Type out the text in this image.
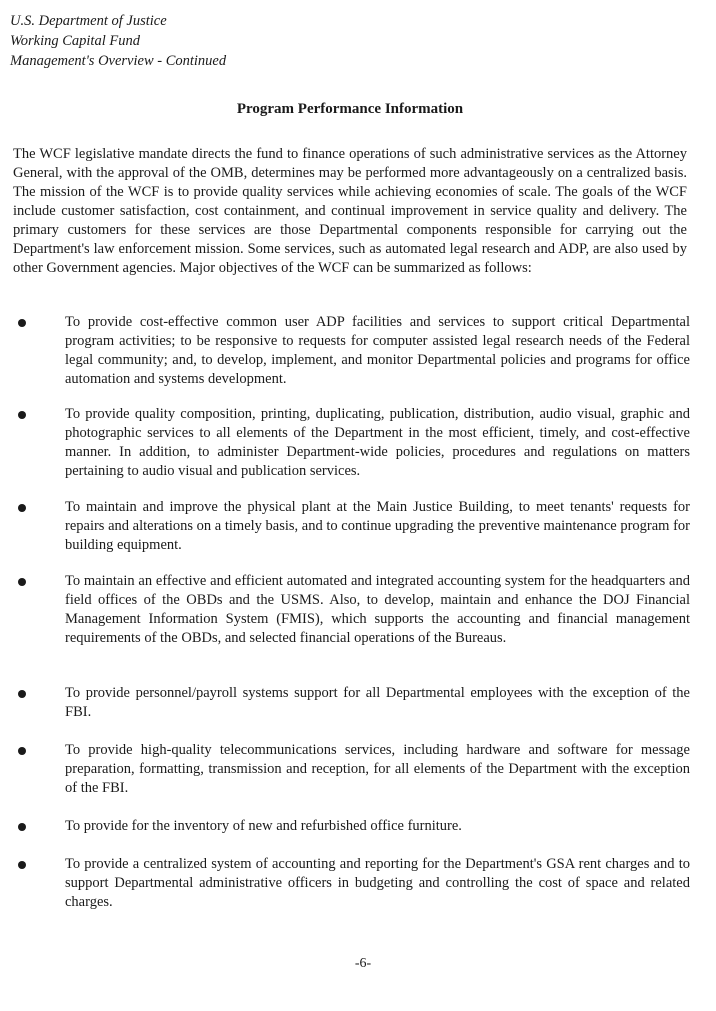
U.S. Department of Justice
Working Capital Fund
Management's Overview - Continued
Program Performance Information

The WCF legislative mandate directs the fund to finance operations of such administrative services as the Attorney General, with the approval of the OMB, determines may be performed more advantageously on a centralized basis. The mission of the WCF is to provide quality services while achieving economies of scale. The goals of the WCF include customer satisfaction, cost containment, and continual improvement in service quality and delivery. The primary customers for these services are those Departmental components responsible for carrying out the Department's law enforcement mission. Some services, such as automated legal research and ADP, are also used by other Government agencies. Major objectives of the WCF can be summarized as follows:

To provide cost-effective common user ADP facilities and services to support critical Departmental program activities; to be responsive to requests for computer assisted legal research needs of the Federal legal community; and, to develop, implement, and monitor Departmental policies and programs for office automation and systems development.

To provide quality composition, printing, duplicating, publication, distribution, audio visual, graphic and photographic services to all elements of the Department in the most efficient, timely, and cost-effective manner. In addition, to administer Department-wide policies, procedures and regulations on matters pertaining to audio visual and publication services.

To maintain and improve the physical plant at the Main Justice Building, to meet tenants' requests for repairs and alterations on a timely basis, and to continue upgrading the preventive maintenance program for building equipment.

To maintain an effective and efficient automated and integrated accounting system for the headquarters and field offices of the OBDs and the USMS. Also, to develop, maintain and enhance the DOJ Financial Management Information System (FMIS), which supports the accounting and financial management requirements of the OBDs, and selected financial operations of the Bureaus.

To provide personnel/payroll systems support for all Departmental employees with the exception of the FBI.

To provide high-quality telecommunications services, including hardware and software for message preparation, formatting, transmission and reception, for all elements of the Department with the exception of the FBI.

To provide for the inventory of new and refurbished office furniture.

To provide a centralized system of accounting and reporting for the Department's GSA rent charges and to support Departmental administrative officers in budgeting and controlling the cost of space and related charges.

-6-
